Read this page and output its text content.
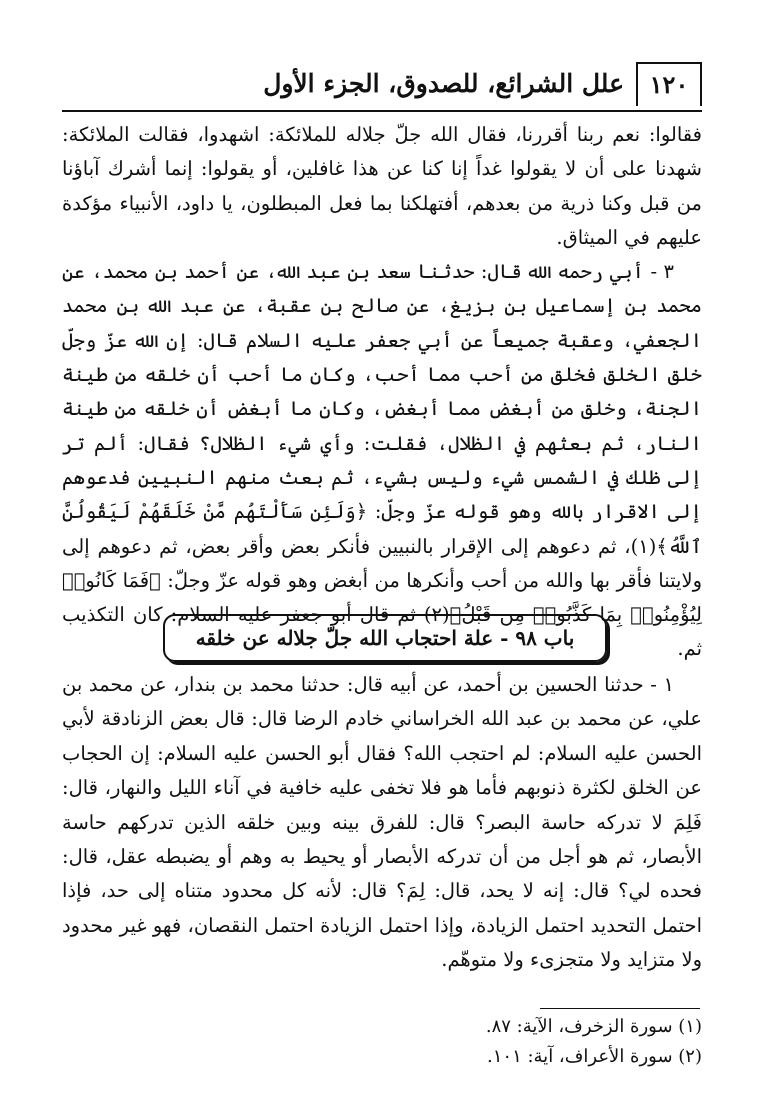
١٢٠
علل الشرائع، للصدوق، الجزء الأول

فقالوا: نعم ربنا أقررنا، فقال الله جلّ جلاله للملائكة: اشهدوا، فقالت الملائكة: شهدنا على أن لا يقولوا غداً إنا كنا عن هذا غافلين، أو يقولوا: إنما أشرك آباؤنا من قبل وكنا ذرية من بعدهم، أفتهلكنا بما فعل المبطلون، يا داود، الأنبياء مؤكدة عليهم في الميثاق.

٣ - أبي رحمه الله قال: حدثنا سعد بن عبد الله، عن أحمد بن محمد، عن محمد بن إسماعيل بن بزيغ، عن صالح بن عقبة، عن عبد الله بن محمد الجعفي، وعقبة جميعاً عن أبي جعفر عليه السلام قال: إن الله عزّ وجلّ خلق الخلق فخلق من أحب مما أحب، وكان ما أحب أن خلقه من طينة الجنة، وخلق من أبغض مما أبغض، وكان ما أبغض أن خلقه من طينة النار، ثم بعثهم في الظلال، فقلت: وأي شيء الظلال؟ فقال: ألم تر إلى ظلك في الشمس شيء وليس بشيء، ثم بعث منهم النبيين فدعوهم إلى الاقرار بالله وهو قوله عزّ وجلّ: ﴿وَلَئِن سَأَلْتَهُم مَّنْ خَلَقَهُمْ لَيَقُولُنَّ ٱللَّهُ﴾(١)، ثم دعوهم إلى الإقرار بالنبيين فأنكر بعض وأقر بعض، ثم دعوهم إلى ولايتنا فأقر بها والله من أحب وأنكرها من أبغض وهو قوله عزّ وجلّ: ﴿فَمَا كَانُوا۟ لِيُؤْمِنُوا۟ بِمَا كَذَّبُوا۟ مِن قَبْلُ﴾(٢) ثم قال أبو جعفر عليه السلام: كان التكذيب ثم.

باب ٩٨ - علة احتجاب الله جلّ جلاله عن خلقه

١ - حدثنا الحسين بن أحمد، عن أبيه قال: حدثنا محمد بن بندار، عن محمد بن علي، عن محمد بن عبد الله الخراساني خادم الرضا قال: قال بعض الزنادقة لأبي الحسن عليه السلام: لم احتجب الله؟ فقال أبو الحسن عليه السلام: إن الحجاب عن الخلق لكثرة ذنوبهم فأما هو فلا تخفى عليه خافية في آناء الليل والنهار، قال: فَلِمَ لا تدركه حاسة البصر؟ قال: للفرق بينه وبين خلقه الذين تدركهم حاسة الأبصار، ثم هو أجل من أن تدركه الأبصار أو يحيط به وهم أو يضبطه عقل، قال: فحده لي؟ قال: إنه لا يحد، قال: لِمَ؟ قال: لأنه كل محدود متناه إلى حد، فإذا احتمل التحديد احتمل الزيادة، وإذا احتمل الزيادة احتمل النقصان، فهو غير محدود ولا متزايد ولا متجزىء ولا متوهّم.

(١) سورة الزخرف، الآية: ٨٧.
(٢) سورة الأعراف، آية: ١٠١.
